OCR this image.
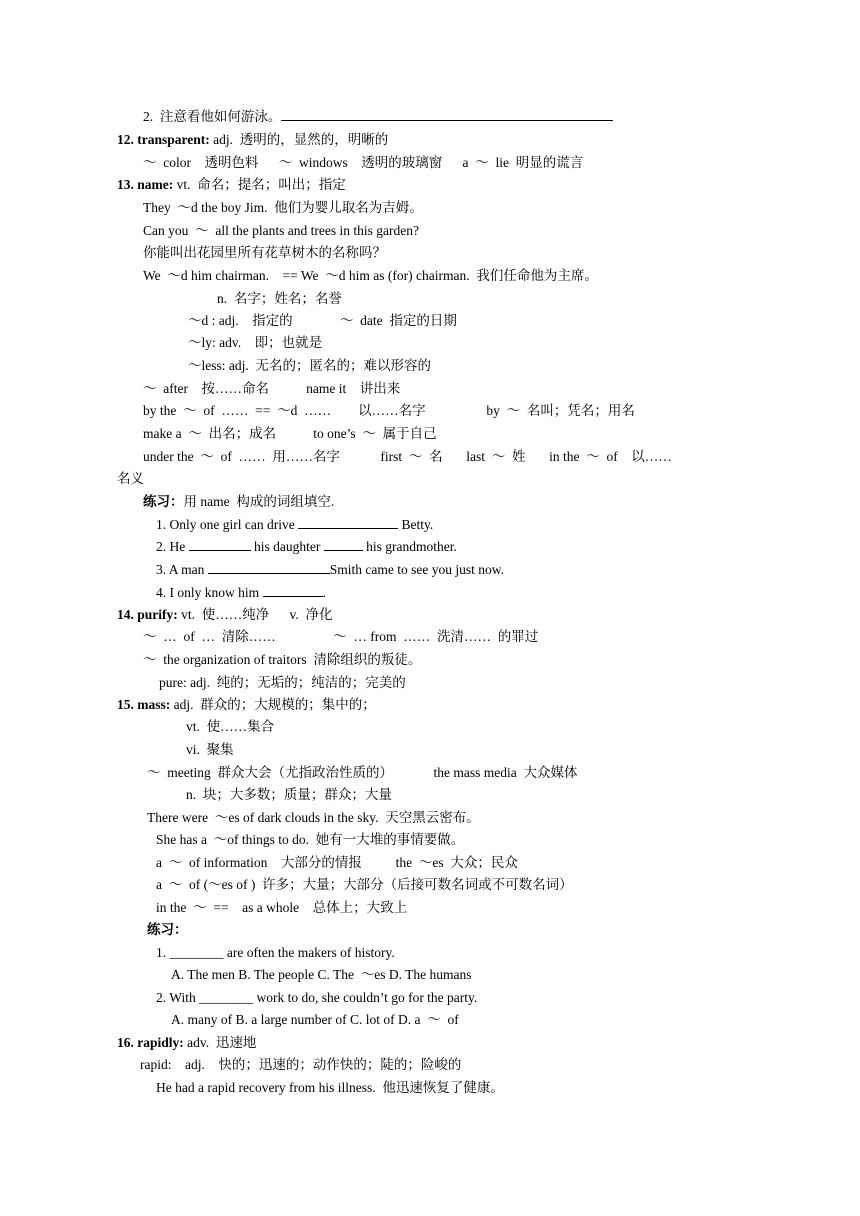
2.  注意看他如何游泳。
12. transparent: adj.  透明的，显然的，明晰的
～  color    透明色料      ～  windows    透明的玻璃窗      a  ～  lie  明显的谎言
13. name: vt.  命名；提名；叫出；指定
They  ～d the boy Jim.  他们为婴儿取名为吉姆。
Can you  ～  all the plants and trees in this garden?
你能叫出花园里所有花草树木的名称吗？
We  ～d him chairman.    == We  ～d him as (for) chairman.  我们任命他为主席。
n.  名字；姓名；名誉
～d : adj.    指定的              ～  date  指定的日期
～ly: adv.    即；也就是
～less: adj.  无名的；匿名的；难以形容的
～  after    按……命名           name it    讲出来
by the  ～  of  ……  ==  ～d  ……        以……名字                  by  ～  名叫；凭名；用名
make a  ～  出名；成名           to one’s  ～  属于自己
under the  ～  of  ……  用……名字            first  ～  名       last  ～  姓       in the  ～  of    以……
名义
练习：用 name  构成的词组填空.
1. Only one girl can drive	Betty.
2. He	his daughter	his grandmother.
3. A man	Smith came to see you just now.
4. I only know him	.
14. purify: vt.  使……纯净      v.  净化
～  …  of  …  清除……                 ～  … from  ……  洗清……  的罪过
～  the organization of traitors  清除组织的叛徒。
pure: adj.  纯的；无垢的；纯洁的；完美的
15. mass: adj.  群众的；大规模的；集中的；
vt.  使……集合
vi.  聚集
～  meeting  群众大会（尤指政治性质的）            the mass media  大众媒体
n.  块；大多数；质量；群众；大量
There were  ～es of dark clouds in the sky.  天空黑云密布。
She has a  ～of things to do.  她有一大堆的事情要做。
a  ～  of information    大部分的情报          the  ～es  大众；民众
a  ～  of (～es of )  许多；大量；大部分（后接可数名词或不可数名词）
in the  ～  ==    as a whole    总体上；大致上
练习：
1. ________ are often the makers of history.
A. The men B. The people C. The  ～es D. The humans
2. With ________ work to do, she couldn’t go for the party.
A. many of B. a large number of C. lot of D. a  ～  of
16. rapidly: adv.  迅速地
rapid:    adj.    快的；迅速的；动作快的；陡的；险峻的
He had a rapid recovery from his illness.  他迅速恢复了健康。
